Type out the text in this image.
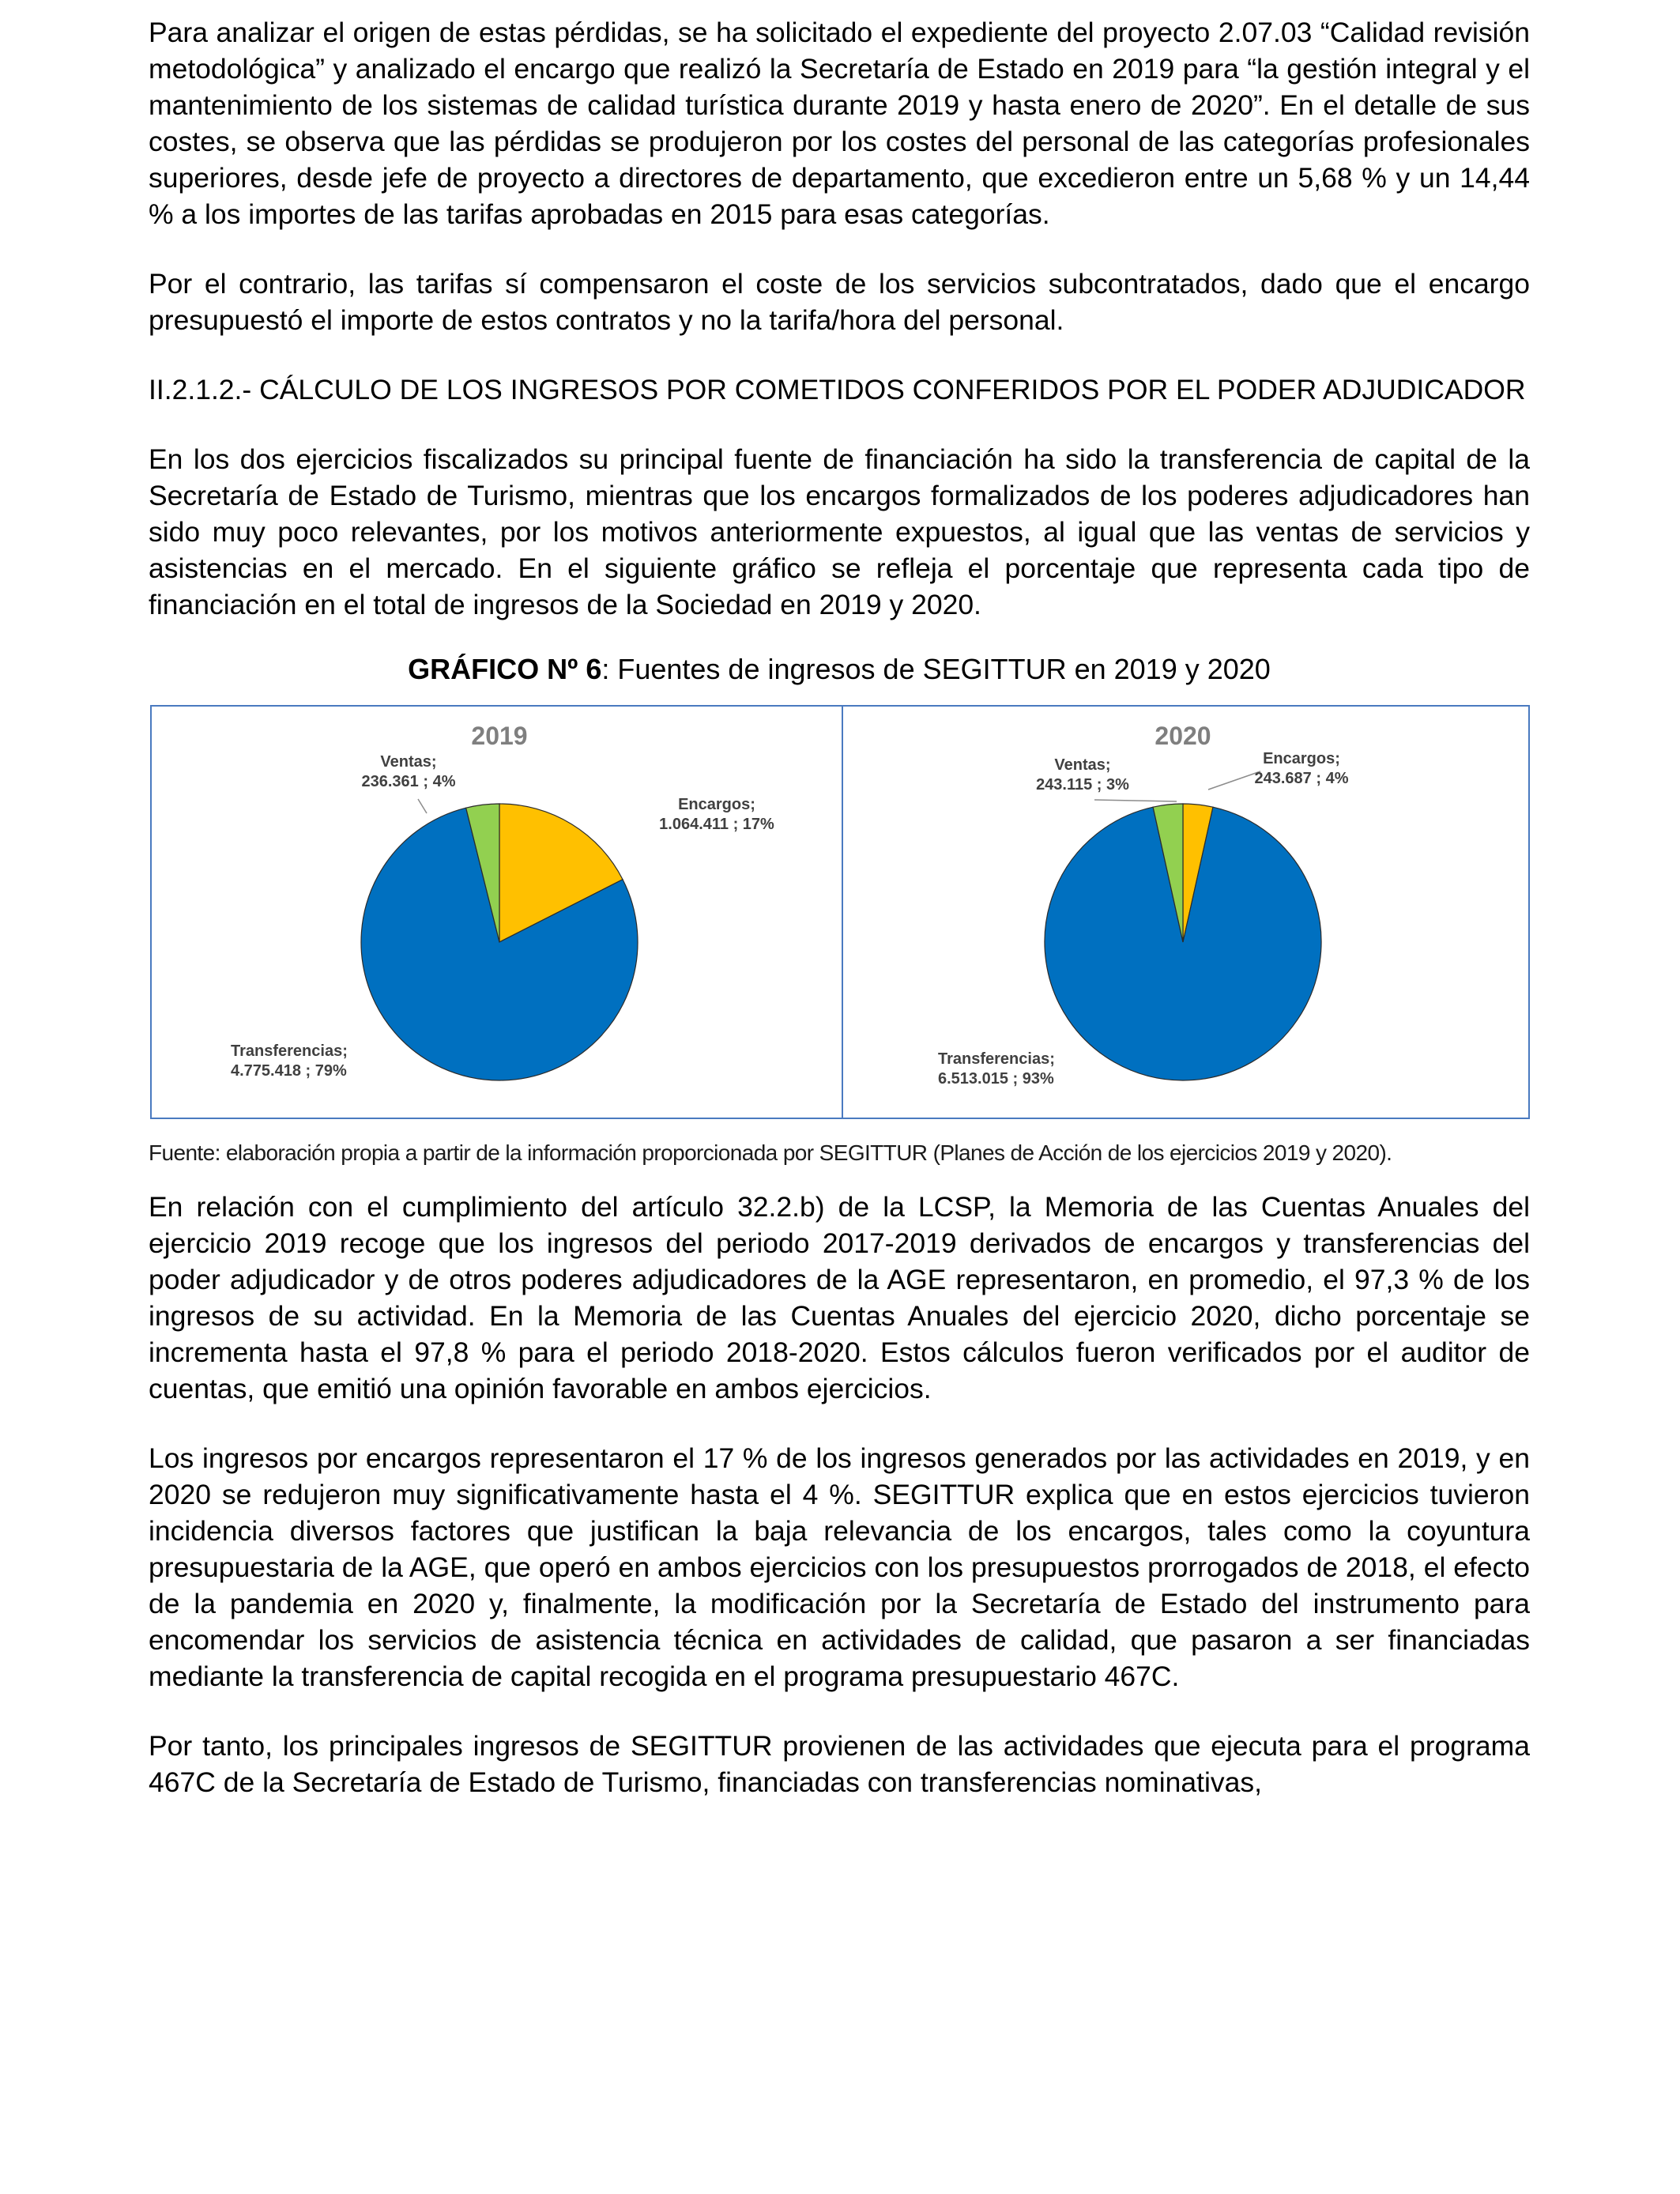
Para analizar el origen de estas pérdidas, se ha solicitado el expediente del proyecto 2.07.03 “Calidad revisión metodológica” y analizado el encargo que realizó la Secretaría de Estado en 2019 para “la gestión integral y el mantenimiento de los sistemas de calidad turística durante 2019 y hasta enero de 2020”. En el detalle de sus costes, se observa que las pérdidas se produjeron por los costes del personal de las categorías profesionales superiores, desde jefe de proyecto a directores de departamento, que excedieron entre un 5,68 % y un 14,44 % a los importes de las tarifas aprobadas en 2015 para esas categorías.

Por el contrario, las tarifas sí compensaron el coste de los servicios subcontratados, dado que el encargo presupuestó el importe de estos contratos y no la tarifa/hora del personal.

II.2.1.2.- CÁLCULO DE LOS INGRESOS POR COMETIDOS CONFERIDOS POR EL PODER ADJUDICADOR

En los dos ejercicios fiscalizados su principal fuente de financiación ha sido la transferencia de capital de la Secretaría de Estado de Turismo, mientras que los encargos formalizados de los poderes adjudicadores han sido muy poco relevantes, por los motivos anteriormente expuestos, al igual que las ventas de servicios y asistencias en el mercado. En el siguiente gráfico se refleja el porcentaje que representa cada tipo de financiación en el total de ingresos de la Sociedad en 2019 y 2020.

GRÁFICO Nº 6: Fuentes de ingresos de SEGITTUR en 2019 y 2020

2019
Encargos; 1.064.411 ; 17%
Transferencias; 4.775.418 ; 79%
Ventas; 236.361 ; 4%
2020
Encargos; 243.687 ; 4%
Transferencias; 6.513.015 ; 93%
Ventas; 243.115 ; 3%

Fuente: elaboración propia a partir de la información proporcionada por SEGITTUR (Planes de Acción de los ejercicios 2019 y 2020).

En relación con el cumplimiento del artículo 32.2.b) de la LCSP, la Memoria de las Cuentas Anuales del ejercicio 2019 recoge que los ingresos del periodo 2017-2019 derivados de encargos y transferencias del poder adjudicador y de otros poderes adjudicadores de la AGE representaron, en promedio, el 97,3 % de los ingresos de su actividad. En la Memoria de las Cuentas Anuales del ejercicio 2020, dicho porcentaje se incrementa hasta el 97,8 % para el periodo 2018-2020. Estos cálculos fueron verificados por el auditor de cuentas, que emitió una opinión favorable en ambos ejercicios.

Los ingresos por encargos representaron el 17 % de los ingresos generados por las actividades en 2019, y en 2020 se redujeron muy significativamente hasta el 4 %. SEGITTUR explica que en estos ejercicios tuvieron incidencia diversos factores que justifican la baja relevancia de los encargos, tales como la coyuntura presupuestaria de la AGE, que operó en ambos ejercicios con los presupuestos prorrogados de 2018, el efecto de la pandemia en 2020 y, finalmente, la modificación por la Secretaría de Estado del instrumento para encomendar los servicios de asistencia técnica en actividades de calidad, que pasaron a ser financiadas mediante la transferencia de capital recogida en el programa presupuestario 467C.

Por tanto, los principales ingresos de SEGITTUR provienen de las actividades que ejecuta para el programa 467C de la Secretaría de Estado de Turismo, financiadas con transferencias nominativas,
